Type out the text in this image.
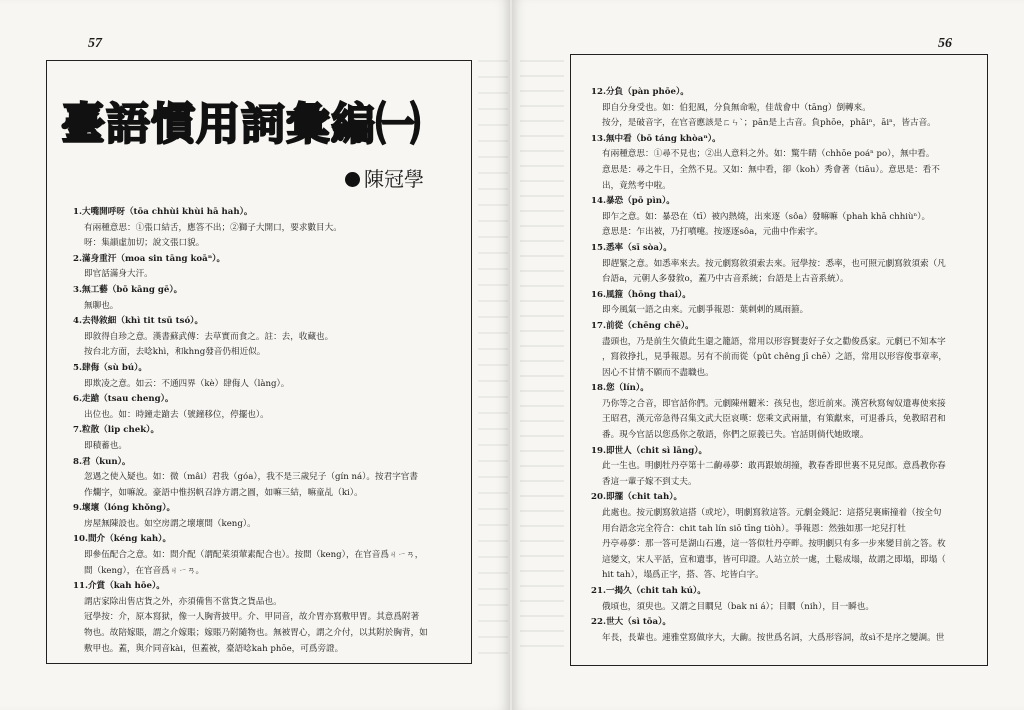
57
臺語慣用詞彙編㈠
陳冠學
1.大嘴開呼呀（tōa chhùi khùi hā hah）。
有兩種意思：①張口結舌，應答不出；②獅子大開口，要求數目大。
呀：集韻虛加切；說文張口貌。
2.滿身重汗（moa sin tāng koāⁿ）。
即官話滿身大汗。
3.無工藝（bō kāng gē）。
無聊也。
4.去得敘細（khì tit tsū tsó）。
即敘得自珍之意。漢書蘇武傳：去草實而食之。註：去，收藏也。
按台北方面，去唸khì，和khng發音仍相近似。
5.肆侮（sù bú）。
即欺凌之意。如云：不通四界（kè）肆侮人（làng）。
6.走蹌（tsau cheng）。
出位也。如：時鐘走蹌去（號鐘移位，停擺也）。
7.粒散（lip chek）。
即積蓄也。
8.君（kun）。
忽遇之使入疑也。如：微（mâi）君我（góa），我不是三歲兒子（gín ná）。按君字官書
作爛字，如嘛說。豪語中惟拐帆召諍方謂之圓，如嘛三結，嘛童乩（ki）。
9.壞壞（lóng khǒng）。
房屋無陳設也。如空房謂之壞壞間（keng）。
10.間介（kéng kah）。
即參伍配合之意。如：間介配（謂配菜須葷素配合也）。按間（keng），在官音爲ㄐㄧㄢ，
間（keng），在官音爲ㄐㄧㄢ。
11.介賞（kah hōe）。
謂店家除出售店貨之外，亦須備售不當貨之貨品也。
冠學按：介，原本寫狱，像一人胸背披甲。介、甲同音，故介胃亦寫敷甲胃。其意爲附著
物也。故陪嫁賬，謂之介嫁賬；嫁賬乃附隨物也。無被胃心，謂之介付，以其附於胸背，如
敷甲也。蓋，與介同音kài，但蓋被，臺語唸kah phōe，可爲旁證。
56
12.分負（pàn phōe）。
即自分身受也。如：伯犯風，分負無命啦，佳哉會中（tāng）倒轉來。
按分，是破音字，在官音應該是ㄈㄣˋ；pān是上古音。負phōe，phāiⁿ，āiⁿ，皆古音。
13.無中看（bō táng khòaⁿ）。
有兩種意思：①尋不見也；②出人意料之外。如：驚牛睛（chhōe poáⁿ po），無中看。
意思是：尋之牛日，全然不見。又如：無中看，卻（koh）秀會著（tiāu）。意思是：看不
出，竟然考中啦。
14.暴恐（pō pìn）。
即乍之意。如：暴恐在（tī）被內熱燒，出來逐（sôa）發嘛嘛（phah khā chhiùⁿ）。
意思是：乍出被，乃打噴嚏。按逐逐sôa，元曲中作索字。
15.悉率（sī sòa）。
即趕緊之意。如悉率來去。按元劇寫敘須索去來。冠學按：悉率，也可照元劇寫敘須索（凡
台語a，元朝人多發敘o，蓋乃中古音系統；台語是上古音系統）。
16.風箍（hōng thai）。
即今風氣一語之由來。元劇爭報恩：葉剌剌的風雨箍。
17.前從（chēng chē）。
盡頭也，乃是前生欠債此生還之籠語，常用以形容賢妻好子女之勸俊爲家。元劇已不知本字
，寫敘挣扎，見爭報恩。另有不前而從（pût chêng jī chē）之語，常用以形容俊事章率，
因心不甘情不願而不盡職也。
18.您（lín）。
乃你等之合音，即官話你們。元劇陳州糶米：孩兒也，您近前來。漢宮秋寫匈奴遣專使來接
王昭君，漢元帝急得召集文武大臣哀嘆：您乘文武兩量，有策獻來，可退番兵，免教昭君和
番。現今官話以您爲你之敬語，你們之原義已失。官話則倘代她敗壞。
19.即世人（chit sì lāng）。
此一生也。明劇牡丹亭第十二齣尋夢：敢再跟娘胡撞，教春香即世裏不見兒郎。意爲教你春
香這一輩子嫁不到丈夫。
20.即擺（chit tah）。
此處也。按元劇寫敘這搭（或坨），明劇寫敘這答。元劇金錢記：這搭兒裏廝撞着（按全句
用台語念完全符合：chit tah lín siō tīng tiòh）。爭報恩：然強如那一坨兒打牡
丹亭尋夢：那一答可是湖山石邊，這一答似牡丹亭畔。按明劇只有多一步來變目前之答。枚
這變文，宋人平話，宣和遺事，皆可印證。人站立於一處，土鬆成塌，故謂之即塌，即塌（
hit tah），塌爲正字，搭、答、坨皆白字。
21.一揭久（chit tah kú）。
俄頃也，須臾也。又謂之目瞷兒（bak ni á）；目瞷（nih），目一瞬也。
22.世大（sì tōa）。
年長，長輩也。連雅堂寫做序大，大齣。按世爲名詞，大爲形容詞，故sì不是序之變調。世
